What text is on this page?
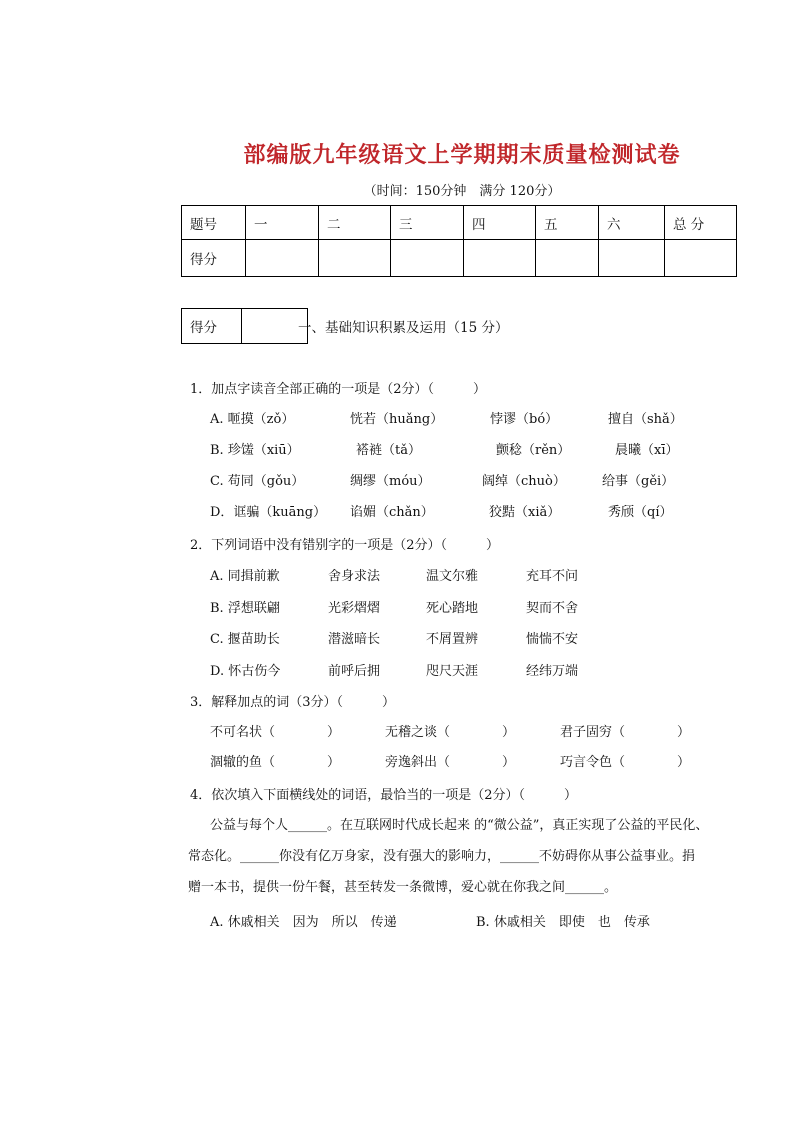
部编版九年级语文上学期期末质量检测试卷
（时间：150分钟　满分 120分）
题号	一	二	三	四	五	六	总 分
得分							
得分		一、基础知识积累及运用（15 分）
1．加点字读音全部正确的一项是（2分）（　　　）
A. 咂摸（zǒ）	恍若（huǎng）	悖谬（bó）	擅自（shǎ）
B. 珍馐（xiū）	褡裢（tǎ）	颤稔（rěn）	晨曦（xī）
C. 苟同（gǒu）	绸缪（móu）	阔绰（chuò）	给事（gěi）
D．诓骗（kuāng） 谄媚（chǎn）	狡黠（xiǎ）	秀颀（qí）
2．下列词语中没有错别字的一项是（2分）（　　　）
A. 同揖前歉	舍身求法	温文尔雅	充耳不问
B. 浮想联翩	光彩熠熠	死心踏地	契而不舍
C. 揠苗助长	潜滋暗长	不屑置辨	惴惴不安
D. 怀古伤今	前呼后拥	咫尺天涯	经纬万端
3．解释加点的词（3分）（　　　）
不可名状（　　　　）	无稽之谈（　　　　）	君子固穷（　　　　）
涸辙的鱼（　　　　）	旁逸斜出（　　　　）	巧言令色（　　　　）
4．依次填入下面横线处的词语，最恰当的一项是（2分）（　　　）
公益与每个人______。在互联网时代成长起来 的“微公益”，真正实现了公益的平民化、
常态化。______你没有亿万身家，没有强大的影响力，______不妨碍你从事公益事业。捐
赠一本书，提供一份午餐，甚至转发一条微博，爱心就在你我之间______。
A. 休戚相关　因为　所以　传递	B. 休戚相关　即使　也　传承
